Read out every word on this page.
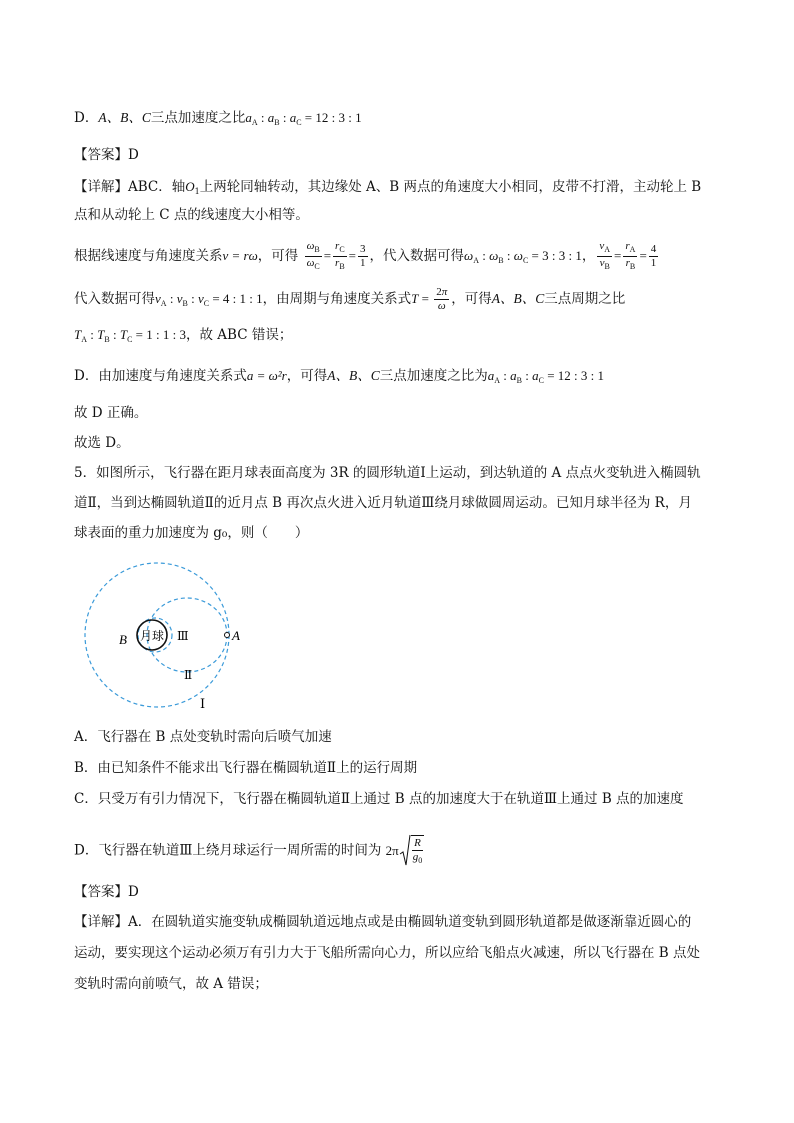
D．A、B、C三点加速度之比$a_A$ : $a_B$ : $a_C = 12$ : 3 : 1
【答案】D
【详解】ABC．轴$O_1$上两轮同轴转动，其边缘处 A、B 两点的角速度大小相同，皮带不打滑，主动轮上 B
点和从动轮上 C 点的线速度大小相等。
根据线速度与角速度关系v = rω，可得 $\frac{\omega_B}{\omega_C} = \frac{r_C}{r_B} = \frac{3}{1}$ ，代入数据可得$\omega_A$ : $\omega_B$ : $\omega_C = 3$ : 3 : 1， $\frac{v_A}{v_B} = \frac{r_A}{r_B} = \frac{4}{1}$
代入数据可得$v_A$ : $v_B$ : $v_C = 4$ : 1 : 1，由周期与角速度关系式$T = \frac{2\pi}{\omega}$ ，可得A、B、C三点周期之比
$T_A$ : $T_B$ : $T_C = 1$ : 1 : 3，故 ABC 错误；
D．由加速度与角速度关系式a = ω²r，可得A、B、C三点加速度之比为$a_A$ : $a_B$ : $a_C = 12$ : 3 : 1
故 D 正确。
故选 D。
5．如图所示，飞行器在距月球表面高度为 3R 的圆形轨道Ⅰ上运动，到达轨道的 A 点点火变轨进入椭圆轨
道Ⅱ，当到达椭圆轨道Ⅱ的近月点 B 再次点火进入近月轨道Ⅲ绕月球做圆周运动。已知月球半径为 R，月
球表面的重力加速度为 g₀，则（　　）
月球
B	A
Ⅲ
Ⅱ
Ⅰ
A．飞行器在 B 点处变轨时需向后喷气加速
B．由已知条件不能求出飞行器在椭圆轨道Ⅱ上的运行周期
C．只受万有引力情况下，飞行器在椭圆轨道Ⅱ上通过 B 点的加速度大于在轨道Ⅲ上通过 B 点的加速度
D．飞行器在轨道Ⅲ上绕月球运行一周所需的时间为 $2\pi \frac{R}{g_0}$
【答案】D
【详解】A．在圆轨道实施变轨成椭圆轨道远地点或是由椭圆轨道变轨到圆形轨道都是做逐渐靠近圆心的
运动，要实现这个运动必须万有引力大于飞船所需向心力，所以应给飞船点火减速，所以飞行器在 B 点处
变轨时需向前喷气，故 A 错误；
